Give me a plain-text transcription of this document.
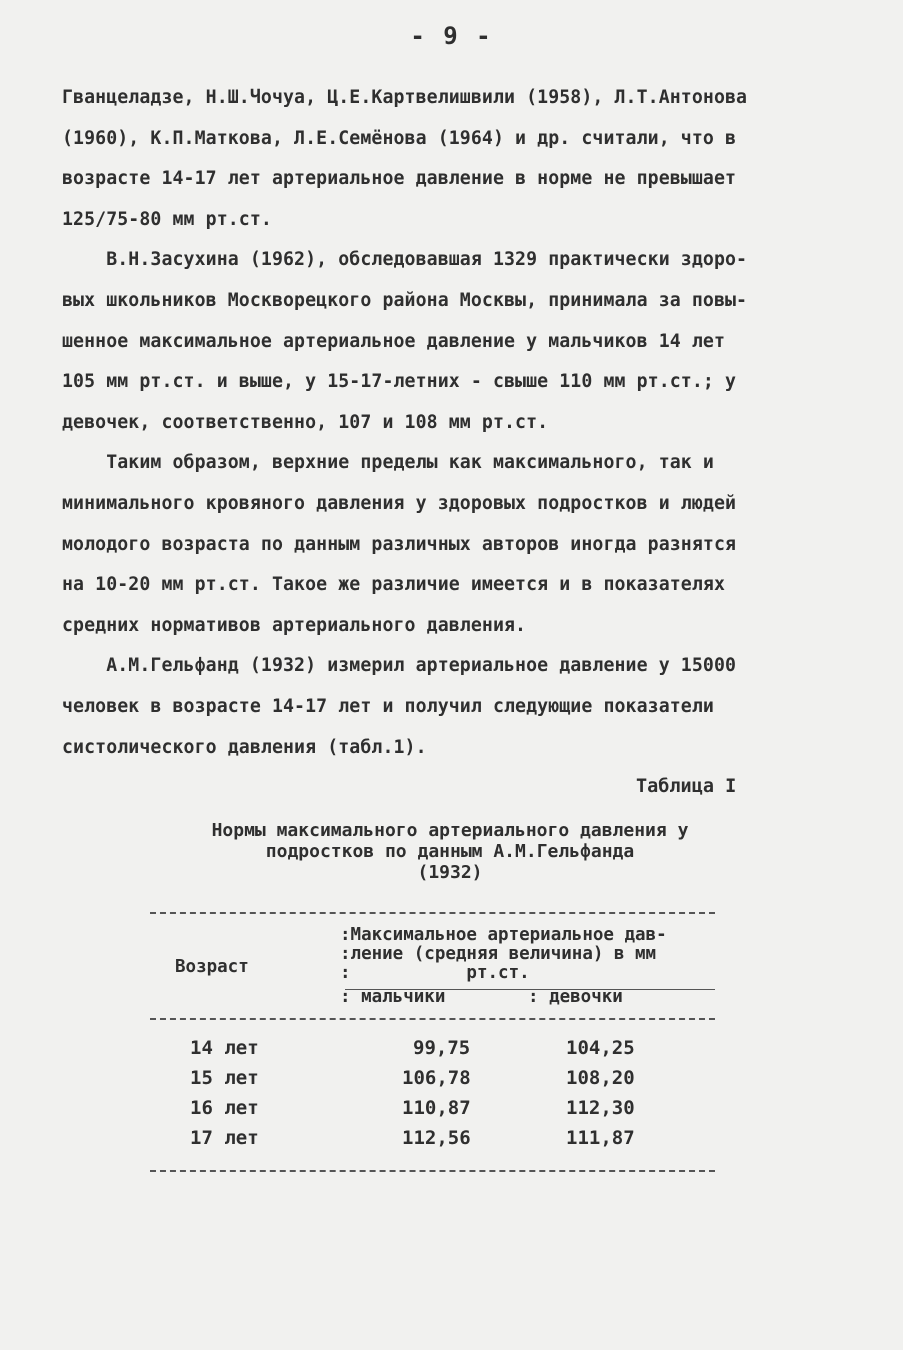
- 9 -
Гванцеладзе, Н.Ш.Чочуа, Ц.Е.Картвелишвили (1958), Л.Т.Антонова
(1960), К.П.Маткова, Л.Е.Семёнова (1964) и др. считали, что в
возрасте 14-17 лет артериальное давление в норме не превышает
125/75-80 мм рт.ст.
В.Н.Засухина (1962), обследовавшая 1329 практически здоро-
вых школьников Москворецкого района Москвы, принимала за повы-
шенное максимальное артериальное давление у мальчиков 14 лет
105 мм рт.ст. и выше, у 15-17-летних - свыше 110 мм рт.ст.; у
девочек, соответственно, 107 и 108 мм рт.ст.
Таким образом, верхние пределы как максимального, так и
минимального кровяного давления у здоровых подростков и людей
молодого возраста по данным различных авторов иногда разнятся
на 10-20 мм рт.ст. Такое же различие имеется и в показателях
средних нормативов артериального давления.
А.М.Гельфанд (1932) измерил артериальное давление у 15000
человек в возрасте 14-17 лет и получил следующие показатели
систолического давления (табл.1).
Таблица I
Нормы максимального артериального давления у
подростков по данным А.М.Гельфанда
(1932)
Возраст
:Максимальное артериальное дав-
:ление (средняя величина) в мм
:           рт.ст.
: мальчики	: девочки
14 лет	99,75	104,25
15 лет	106,78	108,20
16 лет	110,87	112,30
17 лет	112,56	111,87
